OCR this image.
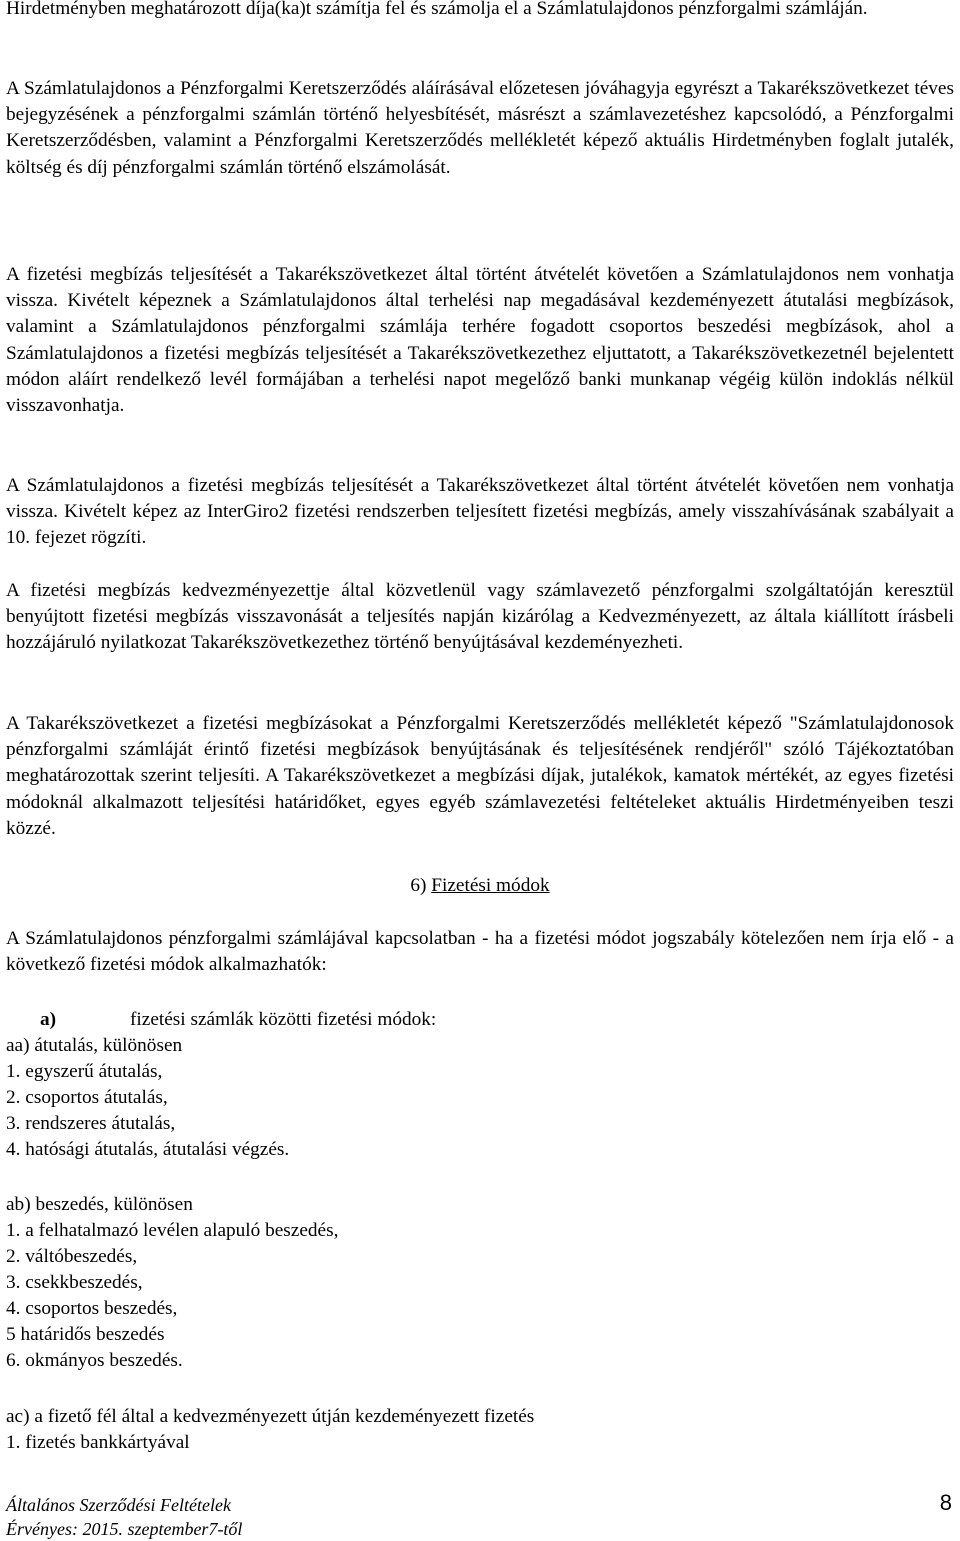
Hirdetményben meghatározott díja(ka)t számítja fel és számolja el a Számlatulajdonos pénzforgalmi számláján.

A Számlatulajdonos a Pénzforgalmi Keretszerződés aláírásával előzetesen jóváhagyja egyrészt a Takarékszövetkezet téves bejegyzésének a pénzforgalmi számlán történő helyesbítését, másrészt a számlavezetéshez kapcsolódó, a Pénzforgalmi Keretszerződésben, valamint a Pénzforgalmi Keretszerződés mellékletét képező aktuális Hirdetményben foglalt jutalék, költség és díj pénzforgalmi számlán történő elszámolását.

A fizetési megbízás teljesítését a Takarékszövetkezet által történt átvételét követően a Számlatulajdonos nem vonhatja vissza. Kivételt képeznek a Számlatulajdonos által terhelési nap megadásával kezdeményezett átutalási megbízások, valamint a Számlatulajdonos pénzforgalmi számlája terhére fogadott csoportos beszedési megbízások, ahol a Számlatulajdonos a fizetési megbízás teljesítését a Takarékszövetkezethez eljuttatott, a Takarékszövetkezetnél bejelentett módon aláírt rendelkező levél formájában a terhelési napot megelőző banki munkanap végéig külön indoklás nélkül visszavonhatja.

A Számlatulajdonos a fizetési megbízás teljesítését a Takarékszövetkezet által történt átvételét követően nem vonhatja vissza. Kivételt képez az InterGiro2 fizetési rendszerben teljesített fizetési megbízás, amely visszahívásának szabályait a 10. fejezet rögzíti.

A fizetési megbízás kedvezményezettje által közvetlenül vagy számlavezető pénzforgalmi szolgáltatóján keresztül benyújtott fizetési megbízás visszavonását a teljesítés napján kizárólag a Kedvezményezett, az általa kiállított írásbeli hozzájáruló nyilatkozat Takarékszövetkezethez történő benyújtásával kezdeményezheti.

A Takarékszövetkezet a fizetési megbízásokat a Pénzforgalmi Keretszerződés mellékletét képező "Számlatulajdonosok pénzforgalmi számláját érintő fizetési megbízások benyújtásának és teljesítésének rendjéről" szóló Tájékoztatóban meghatározottak szerint teljesíti. A Takarékszövetkezet a megbízási díjak, jutalékok, kamatok mértékét, az egyes fizetési módoknál alkalmazott teljesítési határidőket, egyes egyéb számlavezetési feltételeket aktuális Hirdetményeiben teszi közzé.

6) Fizetési módok

A Számlatulajdonos pénzforgalmi számlájával kapcsolatban - ha a fizetési módot jogszabály kötelezően nem írja elő - a következő fizetési módok alkalmazhatók:

a)	fizetési számlák közötti fizetési módok:

aa) átutalás, különösen

1. egyszerű átutalás,

2. csoportos átutalás,

3. rendszeres átutalás,

4. hatósági átutalás, átutalási végzés.

ab) beszedés, különösen

1. a felhatalmazó levélen alapuló beszedés,

2. váltóbeszedés,

3. csekkbeszedés,

4. csoportos beszedés,

5 határidős beszedés

6. okmányos beszedés.

ac) a fizető fél által a kedvezményezett útján kezdeményezett fizetés

1. fizetés bankkártyával

Általános Szerződési Feltételek
Érvényes: 2015. szeptember7-től
8
